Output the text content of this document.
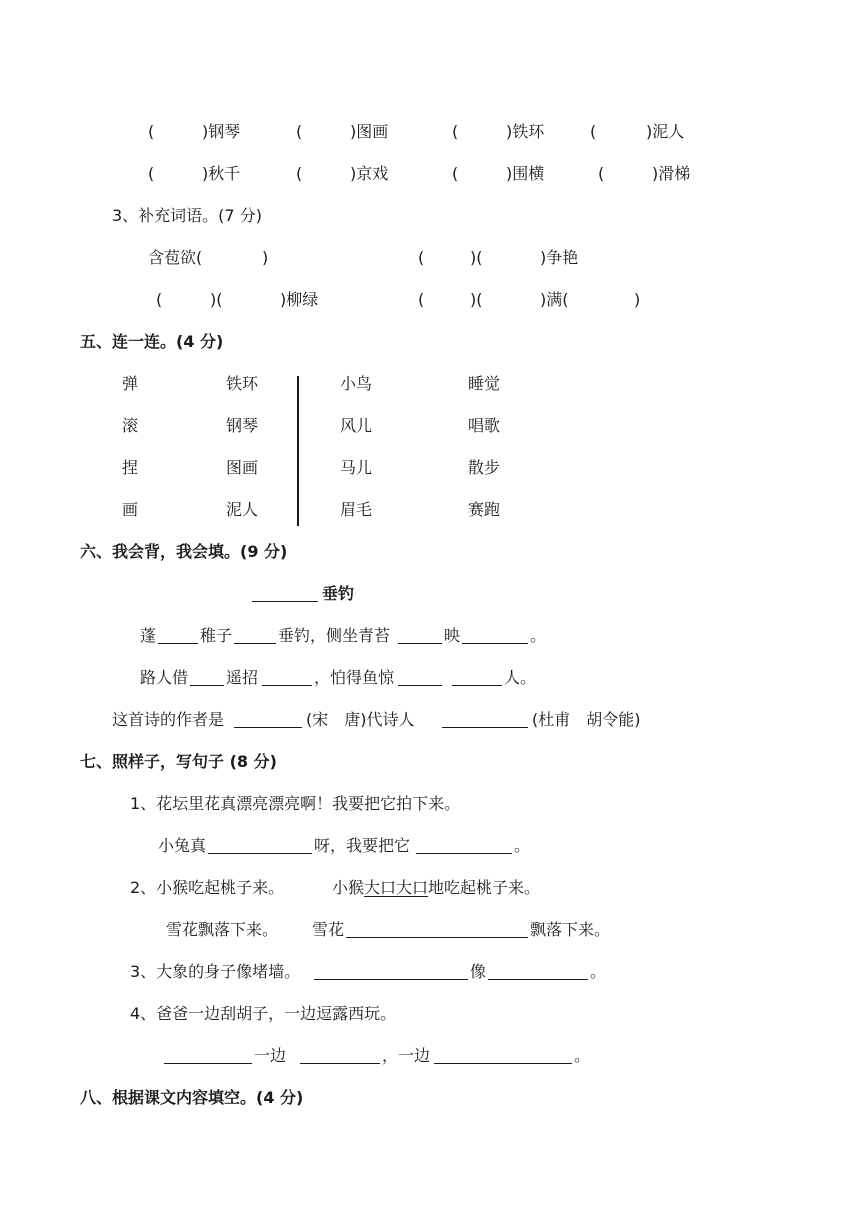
(	)钢琴	(	)图画	(	)铁环	(	)泥人
(	)秋千	(	)京戏	(	)围横	(	)滑梯
3、补充词语。(7 分)
含苞欲(	)	(	)(	)争艳
(	)(	)柳绿	(	)(	)满(	)
五、连一连。(4 分)
弹	铁环	小鸟	睡觉
滚	钢琴	风儿	唱歌
捏	图画	马儿	散步
画	泥人	眉毛	赛跑
六、我会背，我会填。(9 分)
垂钓
蓬	稚子	垂钓，侧坐青苔	映	。
路人借 遥招	，怕得鱼惊	人。
这首诗的作者是	(宋　唐)代诗人	(杜甫　胡令能)
七、照样子，写句子 (8 分)
1、花坛里花真漂亮漂亮啊！我要把它拍下来。
小兔真	呀，我要把它	。
2、小猴吃起桃子来。	小猴大口大口地吃起桃子来。
雪花飘落下来。 雪花	飘落下来。
3、大象的身子像堵墙。	像	。
4、爸爸一边刮胡子，一边逗露西玩。
一边	，一边	。
八、根据课文内容填空。(4 分)
